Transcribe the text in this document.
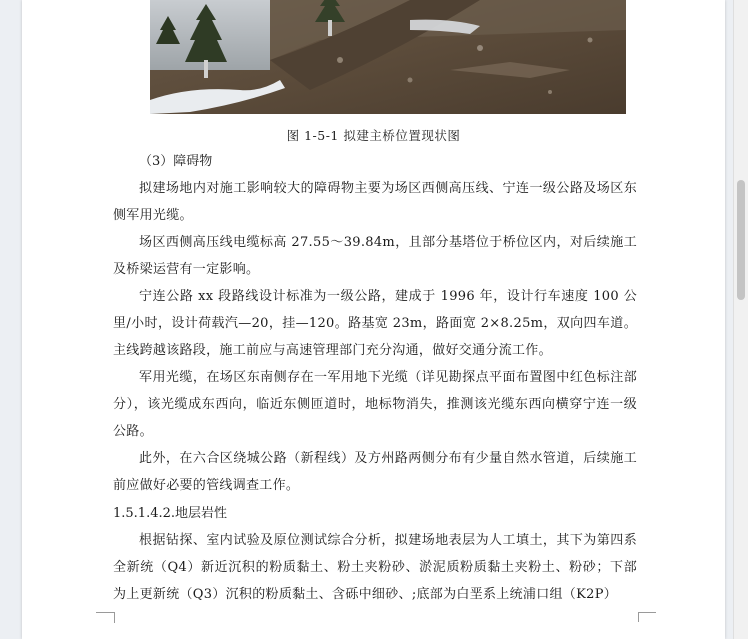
图 1-5-1 拟建主桥位置现状图
（3）障碍物
拟建场地内对施工影响较大的障碍物主要为场区西侧高压线、宁连一级公路及场区东侧军用光缆。
场区西侧高压线电缆标高 27.55～39.84m，且部分基塔位于桥位区内，对后续施工及桥梁运营有一定影响。
宁连公路 xx 段路线设计标准为一级公路，建成于 1996 年，设计行车速度 100 公里/小时，设计荷载汽—20，挂—120。路基宽 23m，路面宽 2×8.25m，双向四车道。主线跨越该路段，施工前应与高速管理部门充分沟通，做好交通分流工作。
军用光缆，在场区东南侧存在一军用地下光缆（详见勘探点平面布置图中红色标注部分），该光缆成东西向，临近东侧匝道时，地标物消失，推测该光缆东西向横穿宁连一级公路。
此外，在六合区绕城公路（新程线）及方州路两侧分布有少量自然水管道，后续施工前应做好必要的管线调查工作。
1.5.1.4.2.地层岩性
根据钻探、室内试验及原位测试综合分析，拟建场地表层为人工填土，其下为第四系全新统（Q4）新近沉积的粉质黏土、粉土夹粉砂、淤泥质粉质黏土夹粉土、粉砂；下部为上更新统（Q3）沉积的粉质黏土、含砾中细砂、;底部为白垩系上统浦口组（K2P）
